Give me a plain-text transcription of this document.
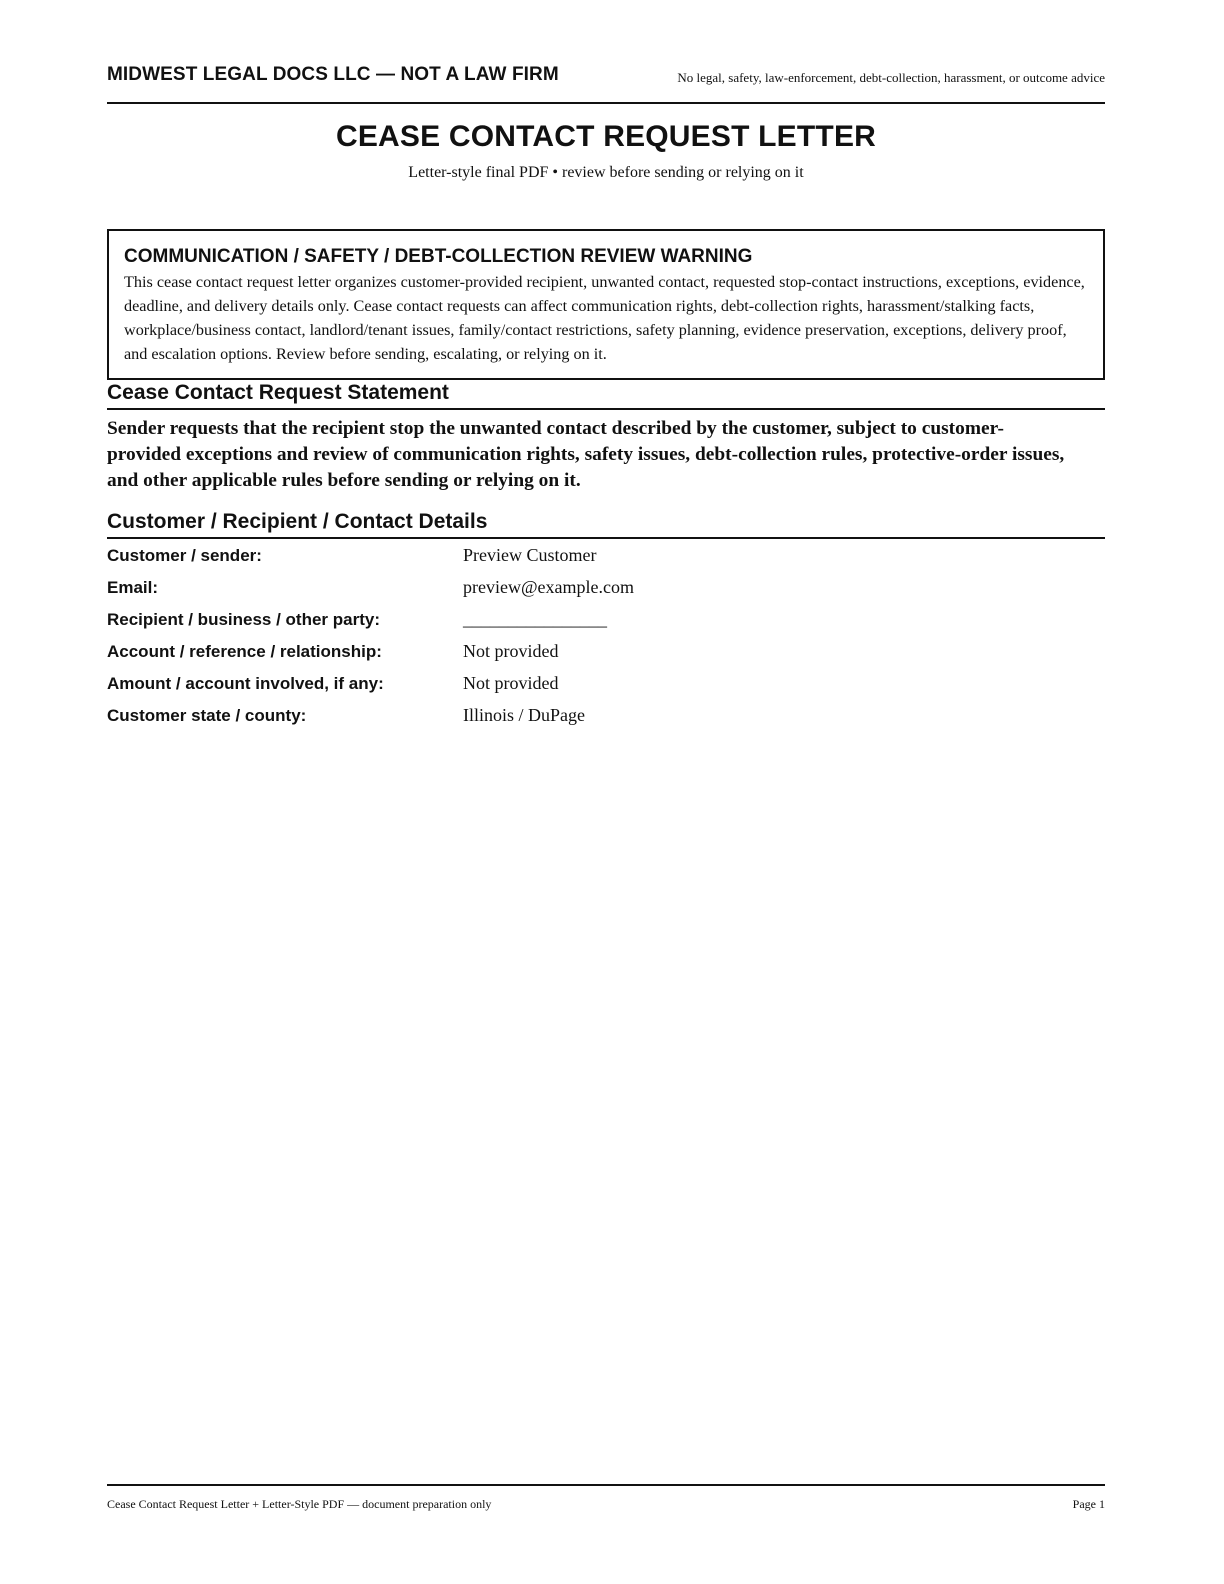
MIDWEST LEGAL DOCS LLC — NOT A LAW FIRM	No legal, safety, law-enforcement, debt-collection, harassment, or outcome advice
CEASE CONTACT REQUEST LETTER
Letter-style final PDF • review before sending or relying on it
COMMUNICATION / SAFETY / DEBT-COLLECTION REVIEW WARNING
This cease contact request letter organizes customer-provided recipient, unwanted contact, requested stop-contact instructions, exceptions, evidence, deadline, and delivery details only. Cease contact requests can affect communication rights, debt-collection rights, harassment/stalking facts, workplace/business contact, landlord/tenant issues, family/contact restrictions, safety planning, evidence preservation, exceptions, delivery proof, and escalation options. Review before sending, escalating, or relying on it.
Cease Contact Request Statement
Sender requests that the recipient stop the unwanted contact described by the customer, subject to customer-provided exceptions and review of communication rights, safety issues, debt-collection rules, protective-order issues, and other applicable rules before sending or relying on it.
Customer / Recipient / Contact Details
Customer / sender:	Preview Customer
Email:	preview@example.com
Recipient / business / other party:	________________
Account / reference / relationship:	Not provided
Amount / account involved, if any:	Not provided
Customer state / county:	Illinois / DuPage
Cease Contact Request Letter + Letter-Style PDF — document preparation only	Page 1
